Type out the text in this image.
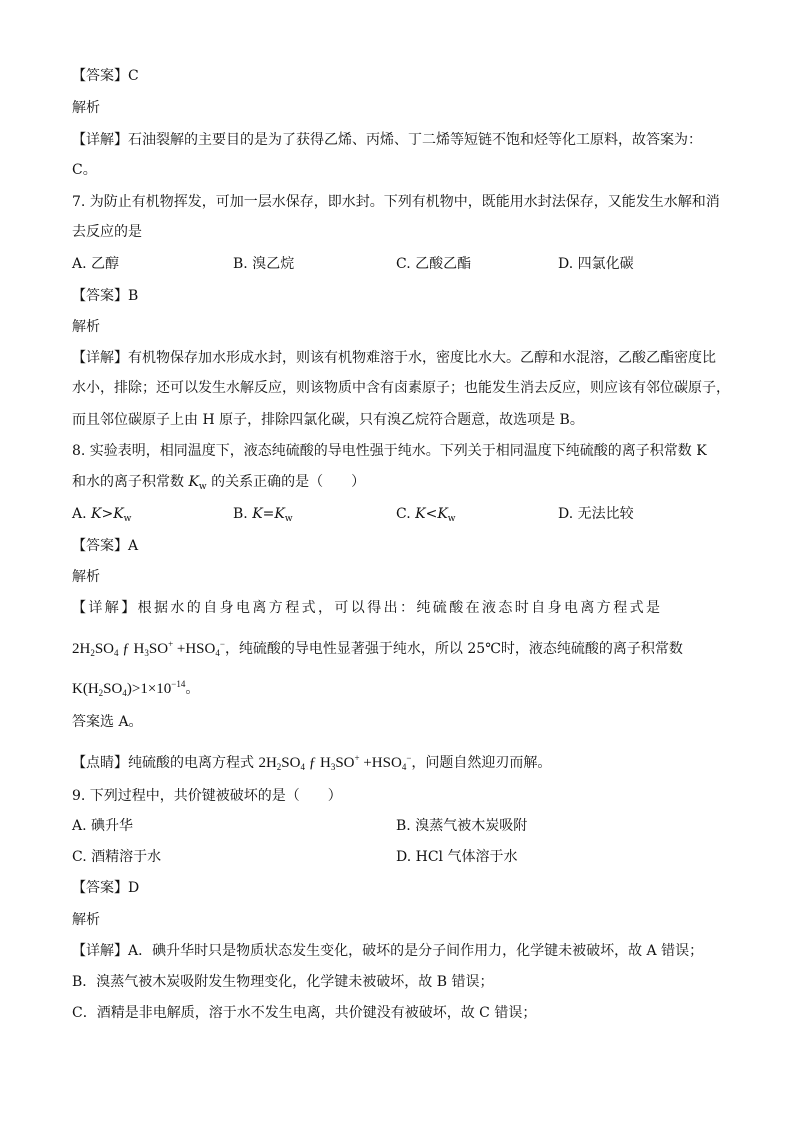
【答案】C
解析
【详解】石油裂解的主要目的是为了获得乙烯、丙烯、丁二烯等短链不饱和烃等化工原料，故答案为：
C。
7. 为防止有机物挥发，可加一层水保存，即水封。下列有机物中，既能用水封法保存，又能发生水解和消
去反应的是
A. 乙醇	B. 溴乙烷	C. 乙酸乙酯	D. 四氯化碳
【答案】B
解析
【详解】有机物保存加水形成水封，则该有机物难溶于水，密度比水大。乙醇和水混溶，乙酸乙酯密度比
水小，排除；还可以发生水解反应，则该物质中含有卤素原子；也能发生消去反应，则应该有邻位碳原子，
而且邻位碳原子上由 H 原子，排除四氯化碳，只有溴乙烷符合题意，故选项是 B。
8. 实验表明，相同温度下，液态纯硫酸的导电性强于纯水。下列关于相同温度下纯硫酸的离子积常数 K
和水的离子积常数 $K_w$ 的关系正确的是（　　）
A. $K>K_w$	B. $K=K_w$	C. $K<K_w$	D. 无法比较
【答案】A
解析
【详解】根据水的自身电离方程式，可以得出：纯硫酸在液态时自身电离方程式是
$2H_2SO_4$ ƒ $H_3SO^+ +HSO_4^-$，纯硫酸的导电性显著强于纯水，所以 25℃时，液态纯硫酸的离子积常数
$K(H_2SO_4)>1\times 10^{-14}$。
答案选 A。
【点睛】纯硫酸的电离方程式 $2H_2SO_4$ ƒ $H_3SO^+ +HSO_4^-$，问题自然迎刃而解。
9. 下列过程中，共价键被破坏的是（　　）
A. 碘升华	B. 溴蒸气被木炭吸附
C. 酒精溶于水	D. HCl 气体溶于水
【答案】D
解析
【详解】A．碘升华时只是物质状态发生变化，破坏的是分子间作用力，化学键未被破坏，故 A 错误；
B．溴蒸气被木炭吸附发生物理变化，化学键未被破坏，故 B 错误；
C．酒精是非电解质，溶于水不发生电离，共价键没有被破坏，故 C 错误；
